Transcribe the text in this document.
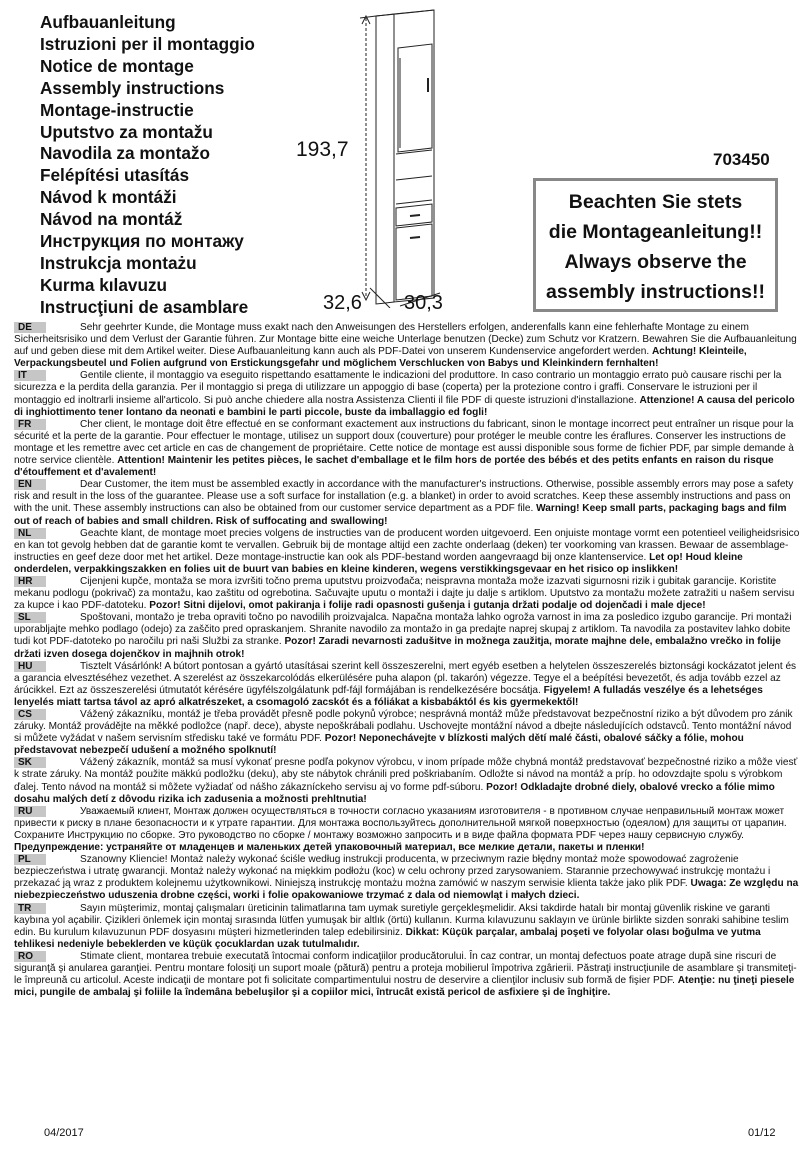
Aufbauanleitung
Istruzioni per il montaggio
Notice de montage
Assembly instructions
Montage-instructie
Uputstvo za montažu
Navodila za montažo
Felépítési utasítás
Návod k montáži
Návod na montáž
Инструкция по монтажу
Instrukcja montażu
Kurma kılavuzu
Instrucţiuni de asamblare
193,7
32,6 30,3
703450
Beachten Sie stets
die Montageanleitung!!
Always observe the
assembly instructions!!

DE	Sehr geehrter Kunde, die Montage muss exakt nach den Anweisungen des Herstellers erfolgen, anderenfalls kann eine fehlerhafte Montage zu einem Sicherheitsrisiko und dem Verlust der Garantie führen. Zur Montage bitte eine weiche Unterlage benutzen (Decke) zum Schutz vor Kratzern. Bewahren Sie die Aufbauanleitung auf und geben diese mit dem Artikel weiter. Diese Aufbauanleitung kann auch als PDF-Datei von unserem Kundenservice angefordert werden. Achtung! Kleinteile, Verpackungsbeutel und Folien aufgrund von Erstickungsgefahr und möglichem Verschlucken von Babys und Kleinkindern fernhalten!

IT	Gentile cliente, il montaggio va eseguito rispettando esattamente le indicazioni del produttore. In caso contrario un montaggio errato può causare rischi per la sicurezza e la perdita della garanzia. Per il montaggio si prega di utilizzare un appoggio di base (coperta) per la protezione contro i graffi. Conservare le istruzioni per il montaggio ed inoltrarli insieme all'articolo. Si può anche chiedere alla nostra Assistenza Clienti il file PDF di queste istruzioni d'installazione. Attenzione! A causa del pericolo di inghiottimento tener lontano da neonati e bambini le parti piccole, buste da imballaggio ed fogli!

FR	Cher client, le montage doit être effectué en se conformant exactement aux instructions du fabricant, sinon le montage incorrect peut entraîner un risque pour la sécurité et la perte de la garantie. Pour effectuer le montage, utilisez un support doux (couverture) pour protéger le meuble contre les éraflures. Conserver les instructions de montage et les remettre avec cet article en cas de changement de propriétaire. Cette notice de montage est aussi disponible sous forme de fichier PDF, par simple demande à notre service clientèle. Attention! Maintenir les petites pièces, le sachet d'emballage et le film hors de portée des bébés et des petits enfants en raison du risque d'étouffement et d'avalement!

EN	Dear Customer, the item must be assembled exactly in accordance with the manufacturer's instructions. Otherwise, possible assembly errors may pose a safety risk and result in the loss of the guarantee. Please use a soft surface for installation (e.g. a blanket) in order to avoid scratches. Keep these assembly instructions and pass on with the unit. These assembly instructions can also be obtained from our customer service department as a PDF file. Warning! Keep small parts, packaging bags and film out of reach of babies and small children. Risk of suffocating and swallowing!

NL	Geachte klant, de montage moet precies volgens de instructies van de producent worden uitgevoerd. Een onjuiste montage vormt een potentieel veiligheidsrisico en kan tot gevolg hebben dat de garantie komt te vervallen. Gebruik bij de montage altijd een zachte onderlaag (deken) ter voorkoming van krassen. Bewaar de assemblage-instructies en geef deze door met het artikel. Deze montage-instructie kan ook als PDF-bestand worden aangevraagd bij onze klantenservice. Let op! Houd kleine onderdelen, verpakkingszakken en folies uit de buurt van babies en kleine kinderen, wegens verstikkingsgevaar en het risico op inslikken!

HR	Cijenjeni kupče, montaža se mora izvršiti točno prema uputstvu proizvođača; neispravna montaža može izazvati sigurnosni rizik i gubitak garancije. Koristite mekanu podlogu (pokrivač) za montažu, kao zaštitu od ogrebotina. Sačuvajte uputu o montaži i dajte ju dalje s artiklom. Uputstvo za montažu možete zatražiti u našem servisu za kupce i kao PDF-datoteku. Pozor! Sitni dijelovi, omot pakiranja i folije radi opasnosti gušenja i gutanja držati podalje od dojenčadi i male djece!

SL	Spoštovani, montažo je treba opraviti točno po navodilih proizvajalca. Napačna montaža lahko ogroža varnost in ima za posledico izgubo garancije. Pri montaži uporabljajte mehko podlago (odejo) za zaščito pred opraskanjem. Shranite navodilo za montažo in ga predajte naprej skupaj z artiklom. Ta navodila za postavitev lahko dobite tudi kot PDF-datoteko po naročilu pri naši Službi za stranke. Pozor! Zaradi nevarnosti zadušitve in možnega zaužitja, morate majhne dele, embalažno vrečko in folije držati izven dosega dojenčkov in majhnih otrok!

HU	Tisztelt Vásárlónk! A bútort pontosan a gyártó utasításai szerint kell összeszerelni, mert egyéb esetben a helytelen összeszerelés biztonsági kockázatot jelent és a garancia elvesztéséhez vezethet. A szerelést az összekarcolódás elkerülésére puha alapon (pl. takarón) végezze. Tegye el a beépítési bevezetőt, és adja tovább ezzel az árúcikkel. Ezt az összeszerelési útmutatót kérésére ügyfélszolgálatunk pdf-fájl formájában is rendelkezésére bocsátja. Figyelem! A fulladás veszélye és a lehetséges lenyelés miatt tartsa távol az apró alkatrészeket, a csomagoló zacskót és a fóliákat a kisbabáktól és kis gyermekektől!

CS	Vážený zákazníku, montáž je třeba provádět přesně podle pokynů výrobce; nesprávná montáž může představovat bezpečnostní riziko a být důvodem pro zánik záruky. Montáž provádějte na měkké podložce (např. dece), abyste nepoškrábali podlahu. Uschovejte montážní návod a dbejte následujících odstavců. Tento montážní návod si můžete vyžádat v našem servisním středisku také ve formátu PDF. Pozor! Neponechávejte v blízkosti malých dětí malé části, obalové sáčky a fólie, mohou představovat nebezpečí udušení a možného spolknutí!

SK	Vážený zákazník, montáž sa musí vykonať presne podľa pokynov výrobcu, v inom prípade môže chybná montáž predstavovať bezpečnostné riziko a môže viesť k strate záruky. Na montáž použite mäkkú podložku (deku), aby ste nábytok chránili pred poškriabaním. Odložte si návod na montáž a príp. ho odovzdajte spolu s výrobkom ďalej. Tento návod na montáž si môžete vyžiadať od nášho zákazníckeho servisu aj vo forme pdf-súboru. Pozor! Odkladajte drobné diely, obalové vrecko a fólie mimo dosahu malých detí z dôvodu rizika ich zadusenia a možnosti prehltnutia!

RU	Уважаемый клиент, Монтаж должен осуществляться в точности согласно указаниям изготовителя - в противном случае неправильный монтаж может привести к риску в плане безопасности и к утрате гарантии. Для монтажа воспользуйтесь дополнительной мягкой поверхностью (одеялом) для защиты от царапин. Сохраните Инструкцию по сборке. Это руководство по сборке / монтажу возможно запросить и в виде файла формата PDF через нашу сервисную службу. Предупреждение: устраняйте от младенцев и маленьких детей упаковочный материал, все мелкие детали, пакеты и пленки!

PL	Szanowny Kliencie! Montaż należy wykonać ściśle według instrukcji producenta, w przeciwnym razie błędny montaż może spowodować zagrożenie bezpieczeństwa i utratę gwarancji. Montaż należy wykonać na miękkim podłożu (koc) w celu ochrony przed zarysowaniem. Starannie przechowywać instrukcję montażu i przekazać ją wraz z produktem kolejnemu użytkownikowi. Niniejszą instrukcję montażu można zamówić w naszym serwisie klienta także jako plik PDF. Uwaga: Ze względu na niebezpieczeństwo uduszenia drobne części, worki i folie opakowaniowe trzymać z dala od niemowląt i małych dzieci.

TR	Sayın müşterimiz, montaj çalışmaları üreticinin talimatlarına tam uymak suretiyle gerçekleşmelidir. Aksi takdirde hatalı bir montaj güvenlik riskine ve garanti kaybına yol açabilir. Çizikleri önlemek için montaj sırasında lütfen yumuşak bir altlık (örtü) kullanın. Kurma kılavuzunu saklayın ve ürünle birlikte sizden sonraki sahibine teslim edin. Bu kurulum kılavuzunun PDF dosyasını müşteri hizmetlerinden talep edebilirsiniz. Dikkat: Küçük parçalar, ambalaj poşeti ve folyolar olası boğulma ve yutma tehlikesi nedeniyle bebeklerden ve küçük çocuklardan uzak tutulmalıdır.

RO	Stimate client, montarea trebuie executată întocmai conform indicaţiilor producătorului. În caz contrar, un montaj defectuos poate atrage după sine riscuri de siguranţă şi anularea garanţiei. Pentru montare folosiţi un suport moale (pătură) pentru a proteja mobilierul împotriva zgârierii. Păstraţi instrucţiunile de asamblare şi transmiteţi-le împreună cu articolul. Aceste indicaţii de montare pot fi solicitate compartimentului nostru de deservire a clienţilor inclusiv sub formă de fişier PDF. Atenţie: nu ţineţi piesele mici, pungile de ambalaj şi foliile la îndemâna bebeluşilor şi a copiilor mici, întrucât există pericol de asfixiere şi de înghiţire.

04/2017	01/12
